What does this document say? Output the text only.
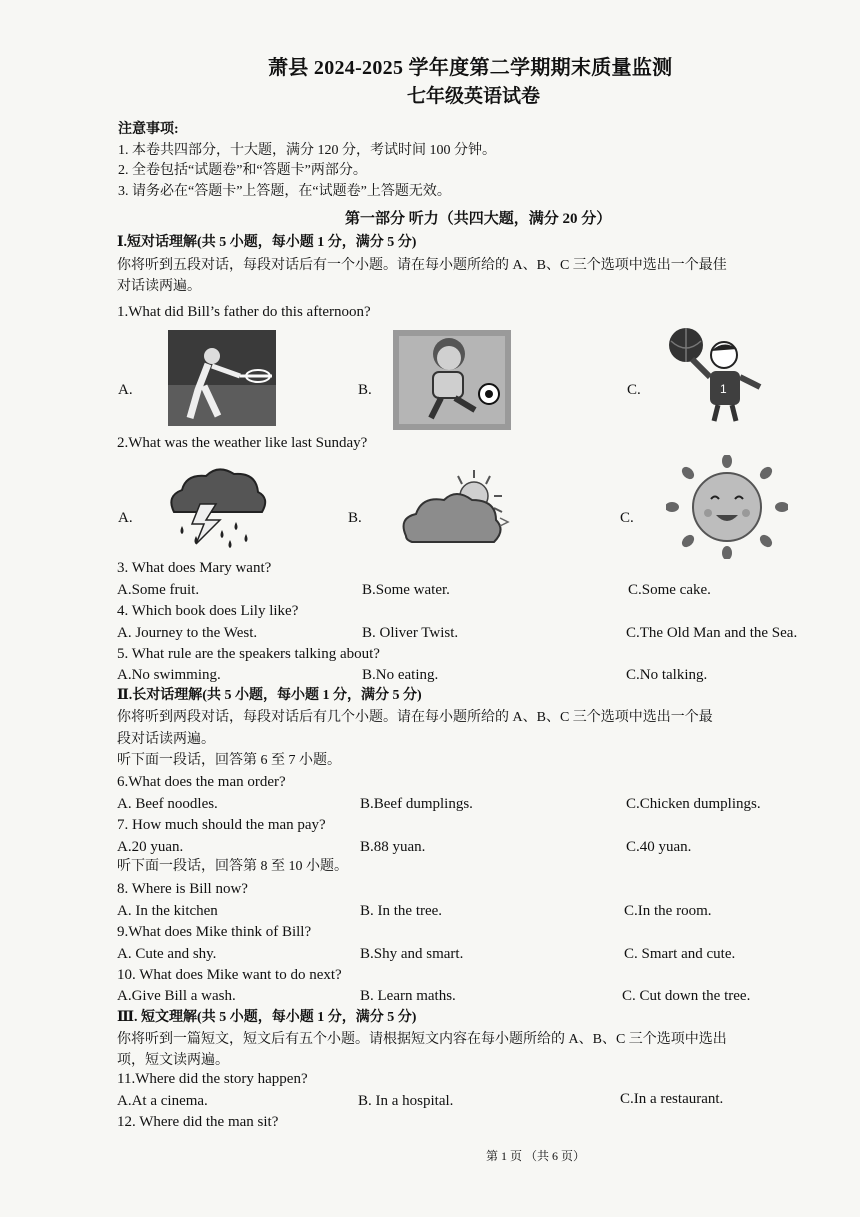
萧县 2024-2025 学年度第二学期期末质量监测
七年级英语试卷
注意事项:
1. 本卷共四部分，十大题，满分 120 分，考试时间 100 分钟。
2. 全卷包括“试题卷”和“答题卡”两部分。
3. 请务必在“答题卡”上答题，在“试题卷”上答题无效。
第一部分 听力（共四大题，满分 20 分）
Ⅰ.短对话理解(共 5 小题，每小题 1 分，满分 5 分)
你将听到五段对话，每段对话后有一个小题。请在每小题所给的 A、B、C 三个选项中选出一个最佳
对话读两遍。
1.What did Bill’s father do this afternoon?
A.	B.	C.	1
2.What was the weather like last Sunday?
A.	B.	C.
3. What does Mary want?
A.Some fruit.	B.Some water.	C.Some cake.
4. Which book does Lily like?
A. Journey to the West.	B. Oliver Twist.	C.The Old Man and the Sea.
5. What rule are the speakers talking about?
A.No swimming.	B.No eating.	C.No talking.
Ⅱ.长对话理解(共 5 小题，每小题 1 分，满分 5 分)
你将听到两段对话，每段对话后有几个小题。请在每小题所给的 A、B、C 三个选项中选出一个最
段对话读两遍。
听下面一段话，回答第 6 至 7 小题。
6.What does the man order?
A. Beef noodles.	B.Beef dumplings.	C.Chicken dumplings.
7. How much should the man pay?
A.20 yuan.	B.88 yuan.	C.40 yuan.
听下面一段话，回答第 8 至 10 小题。
8. Where is Bill now?
A. In the kitchen	B. In the tree.	C.In the room.
9.What does Mike think of Bill?
A. Cute and shy.	B.Shy and smart.	C. Smart and cute.
10. What does Mike want to do next?
A.Give Bill a wash.	B. Learn maths.	C. Cut down the tree.
Ⅲ. 短文理解(共 5 小题，每小题 1 分，满分 5 分)
你将听到一篇短文，短文后有五个小题。请根据短文内容在每小题所给的 A、B、C 三个选项中选出
项，短文读两遍。
11.Where did the story happen?
A.At a cinema.	B. In a hospital.	C.In a restaurant.
12. Where did the man sit?
第 1 页 （共 6 页）
